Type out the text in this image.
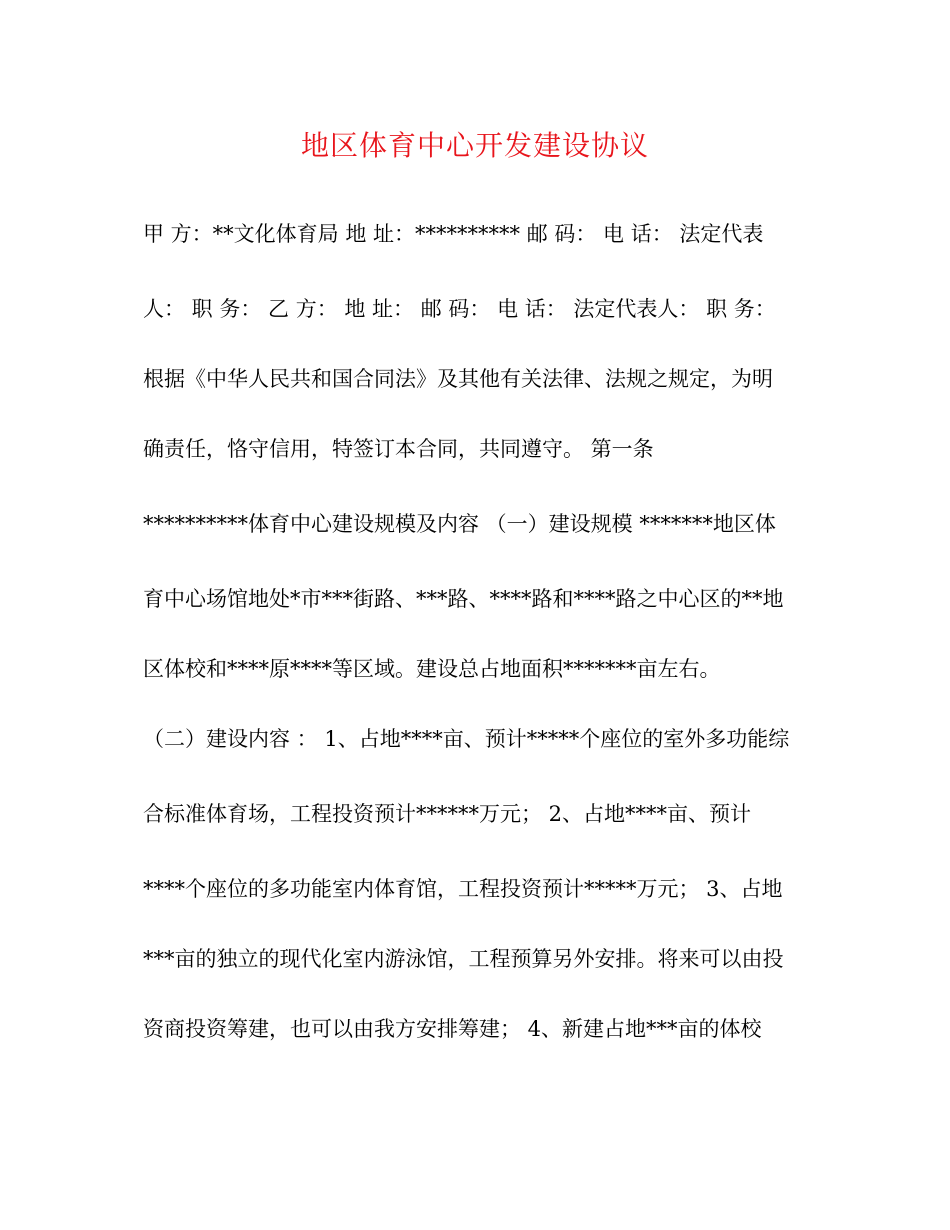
地区体育中心开发建设协议

甲 方：**文化体育局 地 址：********** 邮 码： 电 话： 法定代表

人： 职 务： 乙 方： 地 址： 邮 码： 电 话： 法定代表人： 职 务：

根据《中华人民共和国合同法》及其他有关法律、法规之规定，为明

确责任，恪守信用，特签订本合同，共同遵守。 第一条

**********体育中心建设规模及内容 （一）建设规模 *******地区体

育中心场馆地处*市***街路、***路、****路和****路之中心区的**地

区体校和****原****等区域。建设总占地面积*******亩左右。

（二）建设内容 ： 1、占地****亩、预计*****个座位的室外多功能综

合标准体育场，工程投资预计******万元； 2、占地****亩、预计

****个座位的多功能室内体育馆，工程投资预计*****万元； 3、占地

***亩的独立的现代化室内游泳馆，工程预算另外安排。将来可以由投

资商投资筹建，也可以由我方安排筹建； 4、新建占地***亩的体校
